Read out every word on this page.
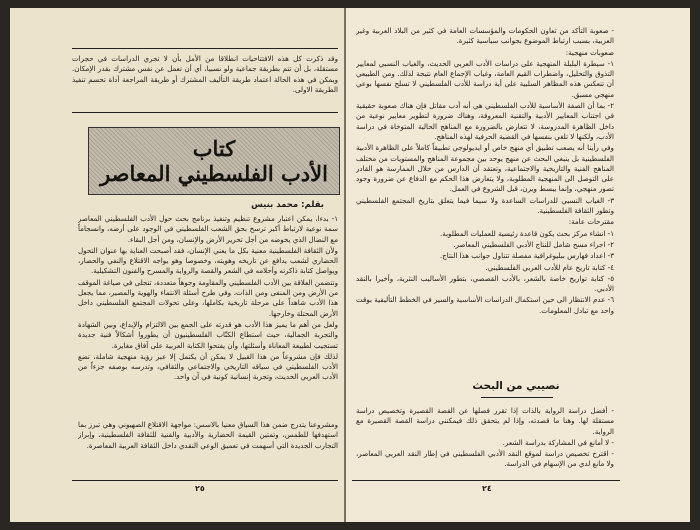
وقد ذكرت كل هذه الافتتاحيات انطلاقا من الأمل بأن لا تجري الدراسات في حجرات مستقلة، بل أن تتم بطريقة جماعية ولو نسبيا، أي أن تعمل عن نفس مشترك بقدر الإمكان. ويمكن في هذه الحالة اعتماد طريقة التأليف المشترك أو طريقة المراجعة أداة تحسم تنفيذ الطريقة الاولى.
كتاب
الأدب الفلسطيني المعاصر
بقلم: محمد بنيس

١- بدءا، يمكن اعتبار مشروع تنظيم وتنفيذ برنامج بحث حول الأدب الفلسطيني المعاصر سمة نوعية لارتباط أكبر ترسخ بحق الشعب الفلسطيني في الوجود على أرضه، وانسجاماً مع النضال الذي يخوضه من أجل تحرير الأرض والإنسان، ومن أجل البقاء.

ولأن الثقافة الفلسطينية معنية بكل ما يعني الإنسان، فقد أصبحت العناية بها عنوان التحول الحضاري لشعب يدافع عن تاريخه وهويته، وخصوصا وهو يواجه الاقتلاع والنفي والحصار، ويواصل كتابة ذاكرته وأحلامه في الشعر والقصة والرواية والمسرح والفنون التشكيلية.

وتتضمن العلاقة بين الأدب الفلسطيني والمقاومة وجوهاً متعددة، تتجلى في صياغة الموقف من الأرض ومن المنفى ومن الذات، وفي طرح أسئلة الانتماء والهوية والمصير، مما يجعل هذا الأدب شاهداً على مرحلة تاريخية بكاملها، وعلى تحولات المجتمع الفلسطيني داخل الأرض المحتلة وخارجها.

ولعل من أهم ما يميز هذا الأدب هو قدرته على الجمع بين الالتزام والإبداع، وبين الشهادة والتجربة الجمالية، حيث استطاع الكتّاب الفلسطينيون أن يطوروا أشكالاً فنية جديدة تستجيب لطبيعة المعاناة وأسئلتها، وأن يفتحوا الكتابة العربية على آفاق مغايرة.

لذلك فإن مشروعاً من هذا القبيل لا يمكن أن يكتمل إلا عبر رؤية منهجية شاملة، تضع الأدب الفلسطيني في سياقه التاريخي والاجتماعي والثقافي، وتدرسه بوصفه جزءاً من الأدب العربي الحديث، وتجربة إنسانية كونية في آن واحد.

ومشروعنا يتدرج ضمن هذا السياق معنيا بالاسس: مواجهة الاقتلاع الصهيوني وهي تبرز بما استهدفها للطمس، وتمتين القيمة الحضارية والأدبية والفنية للثقافة الفلسطينية، وإبراز التجارب الجديدة التي أسهمت في تعميق الوعي النقدي داخل الثقافة العربية المعاصرة.
٢٥

- صعوبة التأكد من تعاون الحكومات والمؤسسات العامة في كثير من البلاد العربية وغير العربية، بسبب ارتباط الموضوع بجوانب سياسية كثيرة.

صعوبات منهجية:

١- سيطرة البلبلة المنهجية على دراسات الأدب العربي الحديث، والغياب النسبي لمعايير التذوق والتحليل، واضطراب القيم العامة، وغياب الإجماع العام نتيجة لذلك. ومن الطبيعي أن تنعكس هذه المظاهر السلبية على أية دراسة للأدب الفلسطيني لا تسلح نفسها بوعي منهجي مسبق.

٢- بما أن الصفة الأساسية للأدب الفلسطيني هي أنه أدب مقاتل فإن هناك صعوبة حقيقية في اجتناب المعايير الأدبية والتقنية المعروفة، وهناك ضرورة لتطوير معايير نوعية من داخل الظاهرة المدروسة، لا تتعارض بالضرورة مع المناهج الحالية المتوخاة في دراسة الأدب، ولكنها لا تلغي بنفسها في القضية الحرفية لهذه المناهج.

وفي رأينا أنه يصعب تطبيق أي منهج خاص أو ايديولوجي تطبيقاً كاملاً على الظاهرة الأدبية الفلسطينية بل ينبغي البحث عن منهج يوحد بين مجموعة المناهج والمستويات من مختلف المناهج الفنية والتاريخية والاجتماعية، وتعتقد أن الدارس من خلال الممارسة هو القادر على التوصل الى المنهجية المطلوبة، ولا يتعارض هذا الحكم مع الدفاع عن ضرورة وجود تصور منهجي، وإنما يبسط ويرن، قبل الشروع في العمل.

٣- الغياب النسبي للدراسات الساعدة ولا سيما فيما يتعلق بتاريخ المجتمع الفلسطيني وتطور الثقافة الفلسطينية.

مقترحات عامة:

١- انشاء مركز بحث يكون قاعدة رئيسية للعمليات المطلوبة.

٢- اجراء مسح شامل للنتاج الأدبي الفلسطيني المعاصر.

٣- اعداد فهارس ببليوغرافية مفصلة تتناول جوانب هذا النتاج.

٤- كتابة تاريخ عام للأدب العربي الفلسطيني.

٥- كتابة تواريخ خاصة بالشعر، بالأدب القصصي، بتطور الأساليب النثرية، وأخيرا بالنقد الأدبي.

٦- عدم الانتظار الى حين استكمال الدراسات الأساسية والسير في الخطط التأليفية بوقت واحد مع تبادل المعلومات.

نصيبي من البحث

- أفضل دراسة الرواية بالذات إذا تقرر فصلها عن القصة القصيرة وتخصيص دراسة مستقلة لها. وهنا ما قصدته، وإذا لم يتحقق ذلك فيمكنني دراسة القصة القصيرة مع الرواية.

- لا أمانع في المشاركة بدراسة الشعر.

- اقترح تخصيص دراسة لموقع النقد الأدبي الفلسطيني في إطار النقد العربي المعاصر، ولا مانع لدي من الإسهام في الدراسة.

٢٤
